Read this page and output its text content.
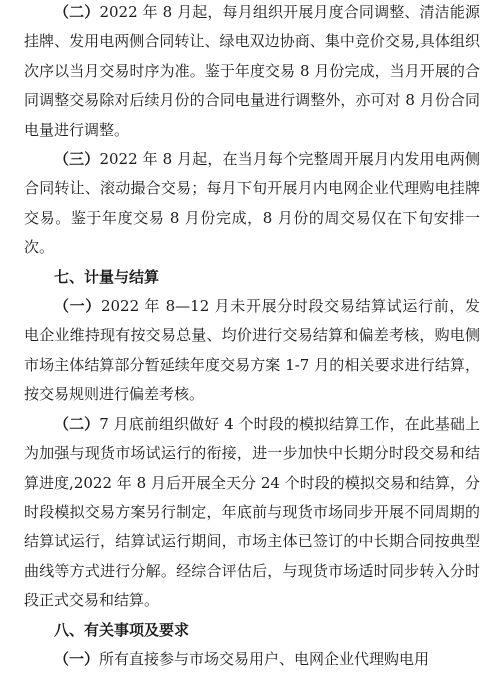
（二）2022 年 8 月起，每月组织开展月度合同调整、清洁能源挂牌、发用电两侧合同转让、绿电双边协商、集中竞价交易,具体组织次序以当月交易时序为准。鉴于年度交易 8 月份完成，当月开展的合同调整交易除对后续月份的合同电量进行调整外，亦可对 8 月份合同电量进行调整。

（三）2022 年 8 月起，在当月每个完整周开展月内发用电两侧合同转让、滚动撮合交易；每月下旬开展月内电网企业代理购电挂牌交易。鉴于年度交易 8 月份完成，8 月份的周交易仅在下旬安排一次。

七、计量与结算

（一）2022 年 8—12 月未开展分时段交易结算试运行前，发电企业维持现有按交易总量、均价进行交易结算和偏差考核，购电侧市场主体结算部分暂延续年度交易方案 1-7 月的相关要求进行结算，按交易规则进行偏差考核。

（二）7 月底前组织做好 4 个时段的模拟结算工作，在此基础上为加强与现货市场试运行的衔接，进一步加快中长期分时段交易和结算进度,2022 年 8 月后开展全天分 24 个时段的模拟交易和结算，分时段模拟交易方案另行制定，年底前与现货市场同步开展不同周期的结算试运行，结算试运行期间，市场主体已签订的中长期合同按典型曲线等方式进行分解。经综合评估后，与现货市场适时同步转入分时段正式交易和结算。

八、有关事项及要求

（一）所有直接参与市场交易用户、电网企业代理购电用
